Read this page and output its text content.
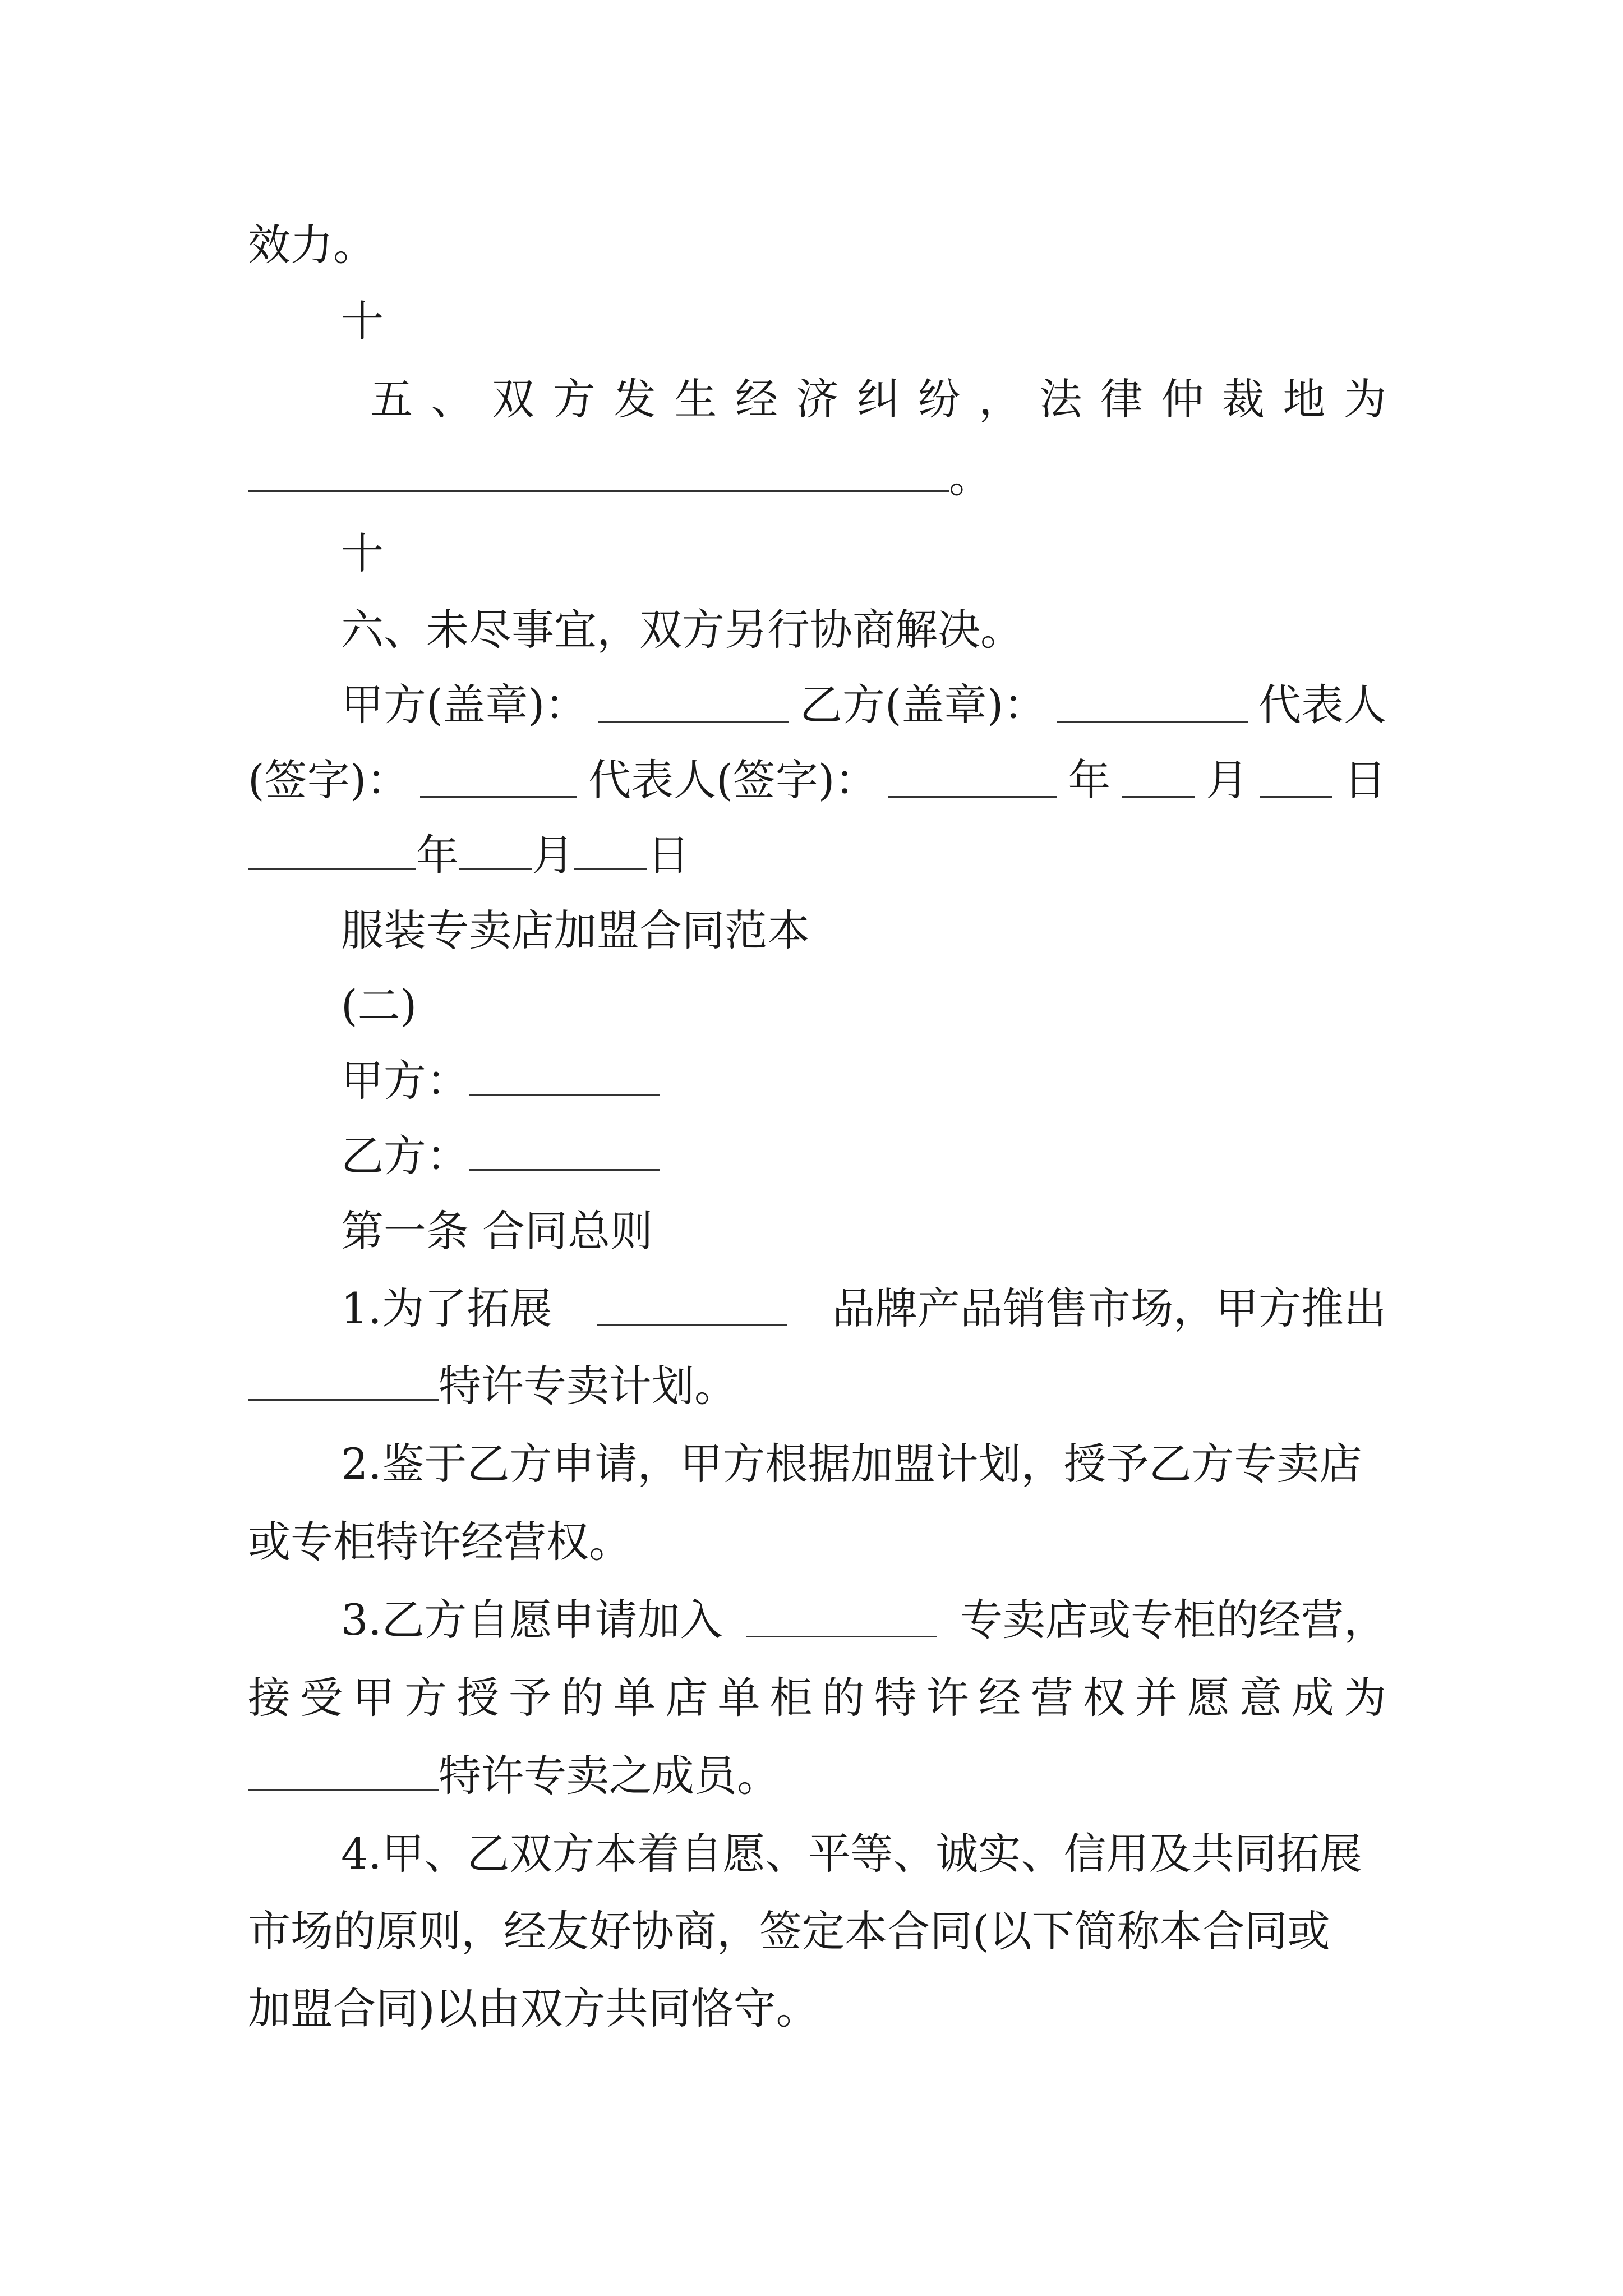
效力。
十
五 、 双 方 发 生 经 济 纠 纷 ， 法 律 仲 裁 地 为
。
十
六、未尽事宜，双方另行协商解决。
甲方(盖章)：	乙方(盖章)：	代表人
(签字)：	代表人(签字)：	年 月 日
年 月 日
服装专卖店加盟合同范本
(二)
甲方：
乙方：
第一条 合同总则
1.为了拓展	品牌产品销售市场，甲方推出
特许专卖计划。
2.鉴于乙方申请，甲方根据加盟计划，授予乙方专卖店
或专柜特许经营权。
3.乙方自愿申请加入	专卖店或专柜的经营，
接 受 甲 方 授 予 的 单 店 单 柜 的 特 许 经 营 权 并 愿 意 成 为
特许专卖之成员。
4.甲、乙双方本着自愿、平等、诚实、信用及共同拓展
市场的原则，经友好协商，签定本合同(以下简称本合同或
加盟合同)以由双方共同恪守。
